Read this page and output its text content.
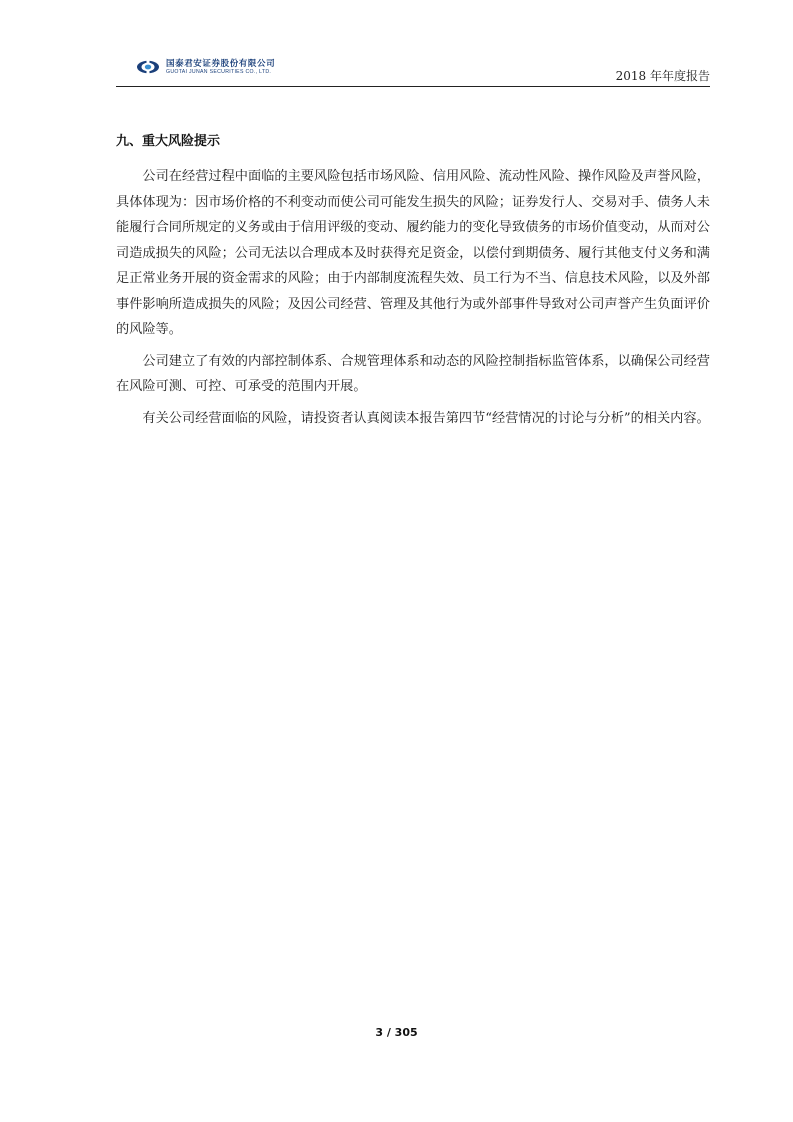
国泰君安证券股份有限公司
GUOTAI JUNAN SECURITIES CO., LTD.	2018 年年度报告
九、重大风险提示

公司在经营过程中面临的主要风险包括市场风险、信用风险、流动性风险、操作风险及声誉风险，具体体现为：因市场价格的不利变动而使公司可能发生损失的风险；证券发行人、交易对手、债务人未能履行合同所规定的义务或由于信用评级的变动、履约能力的变化导致债务的市场价值变动，从而对公司造成损失的风险；公司无法以合理成本及时获得充足资金，以偿付到期债务、履行其他支付义务和满足正常业务开展的资金需求的风险；由于内部制度流程失效、员工行为不当、信息技术风险，以及外部事件影响所造成损失的风险；及因公司经营、管理及其他行为或外部事件导致对公司声誉产生负面评价的风险等。

公司建立了有效的内部控制体系、合规管理体系和动态的风险控制指标监管体系，以确保公司经营在风险可测、可控、可承受的范围内开展。

有关公司经营面临的风险，请投资者认真阅读本报告第四节“经营情况的讨论与分析”的相关内容。

3 / 305
